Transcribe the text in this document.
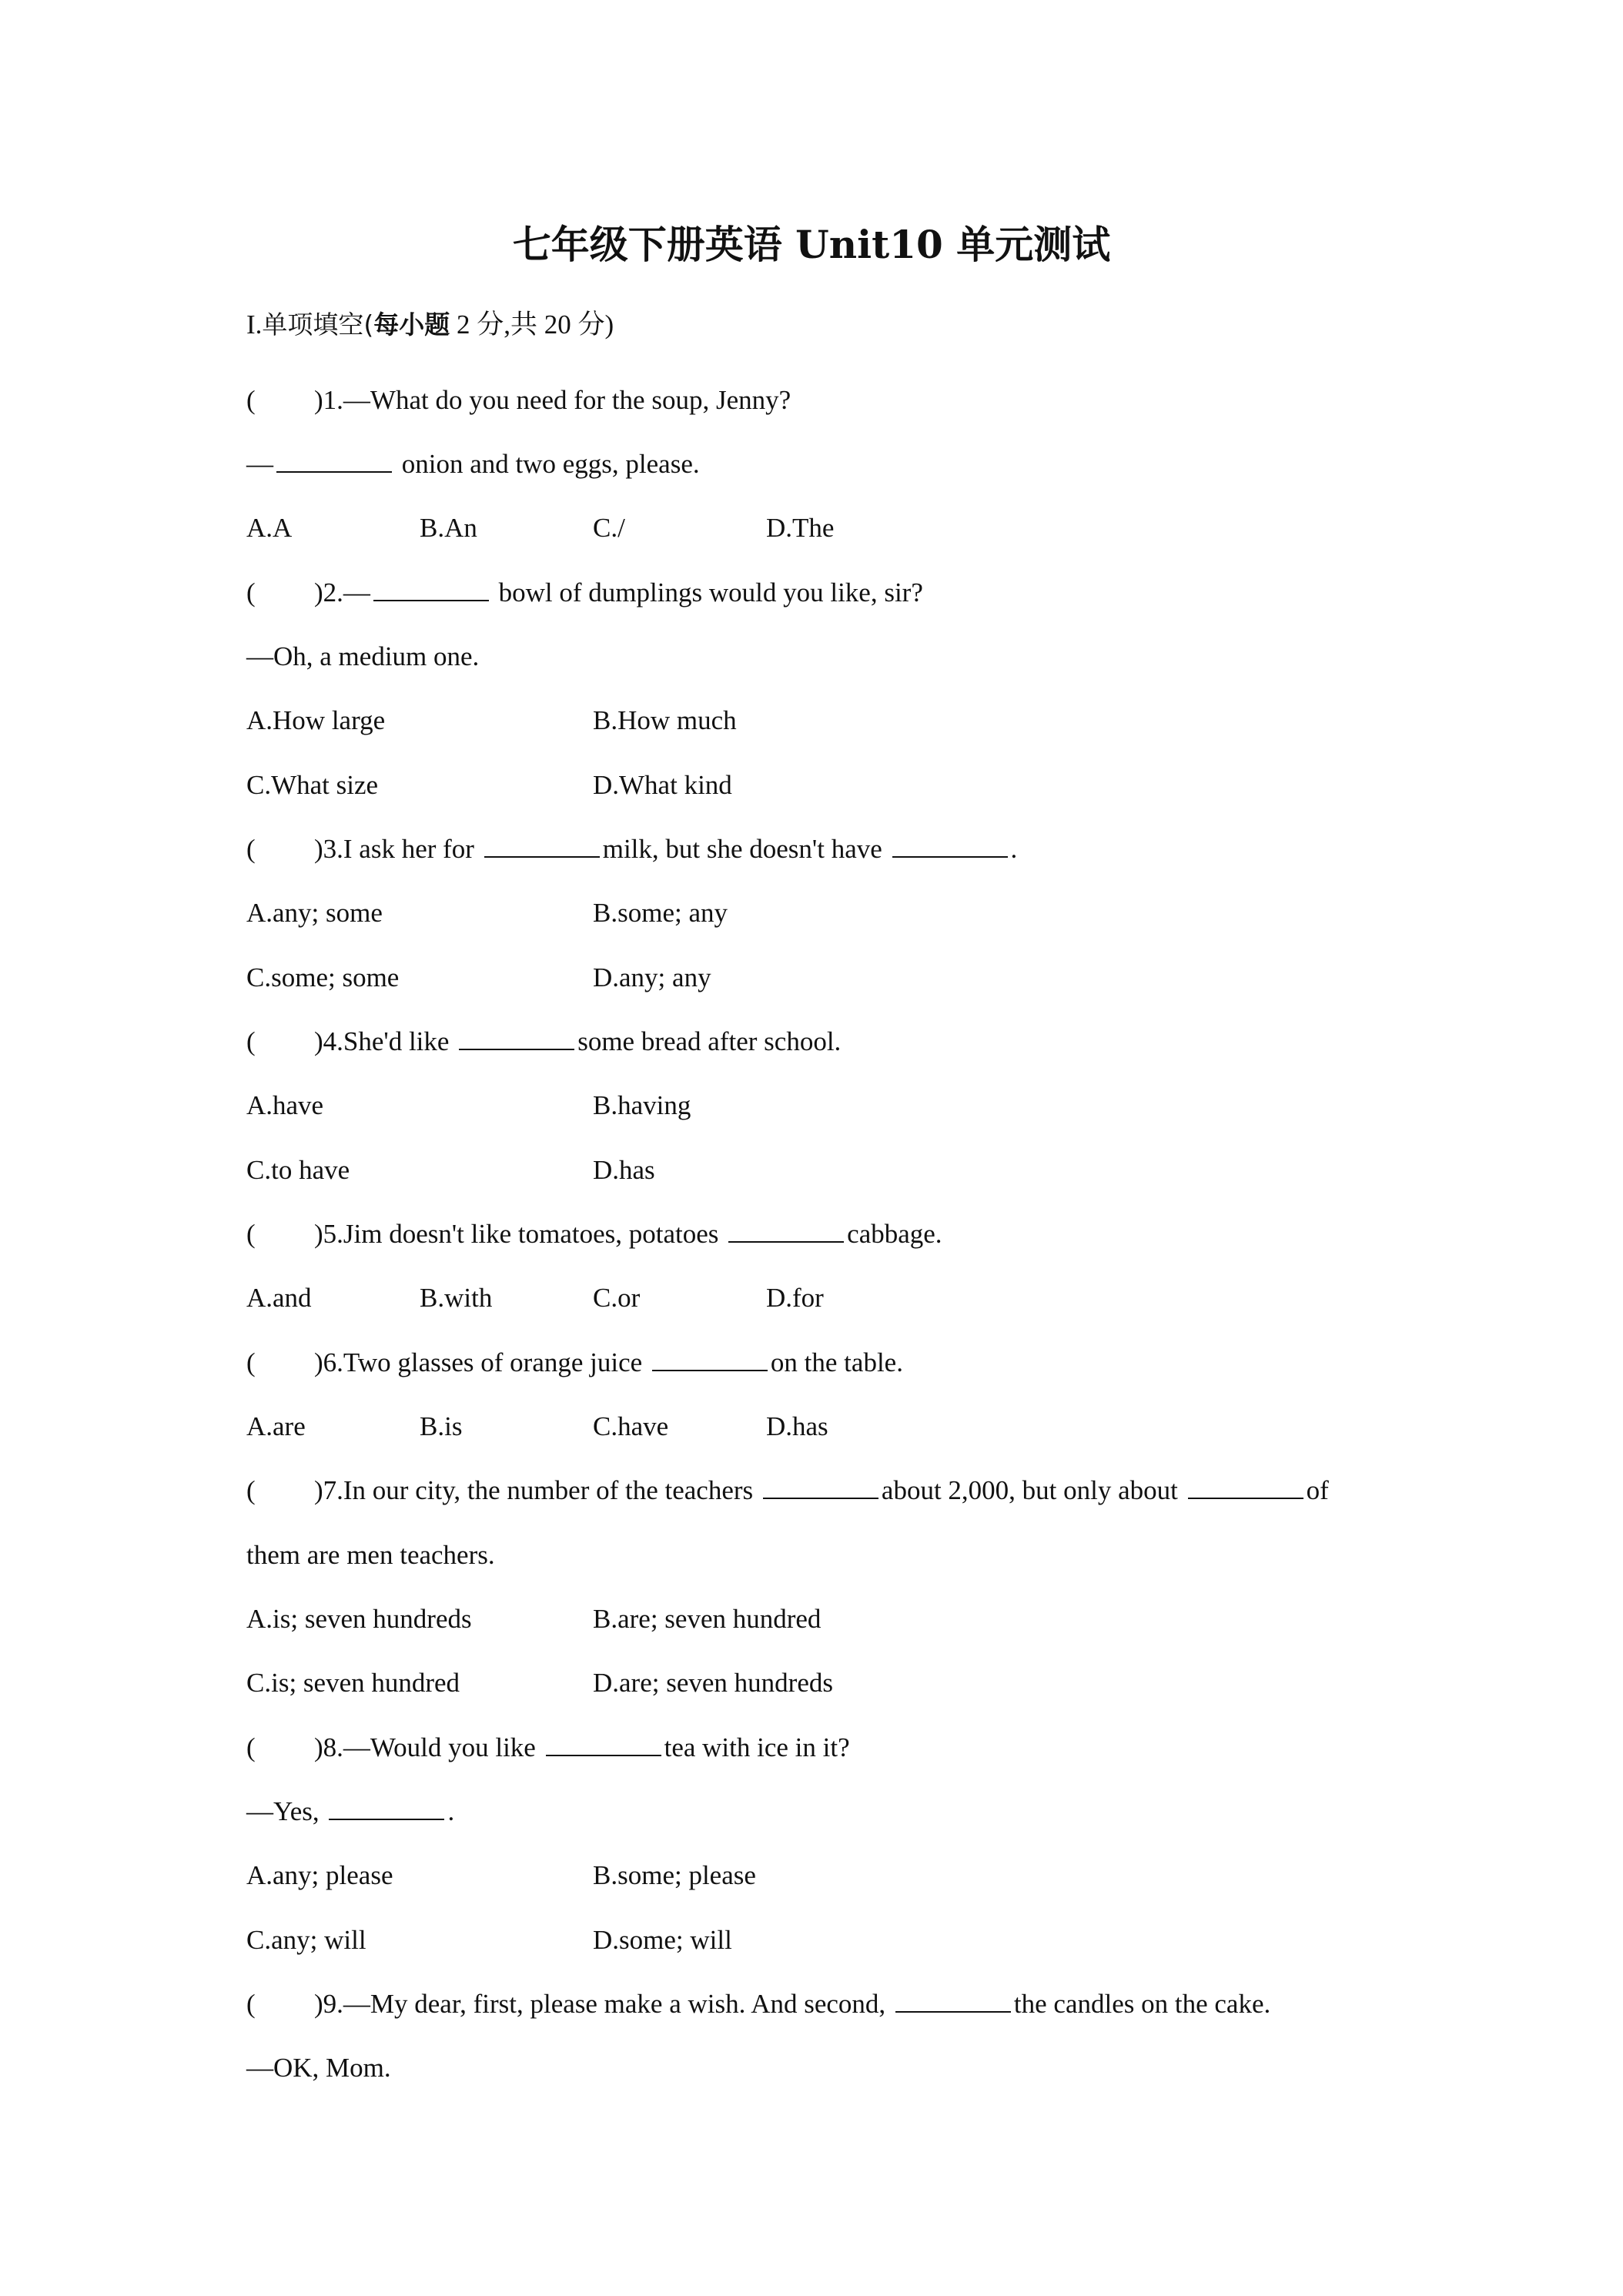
七年级下册英语 Unit10 单元测试
I.单项填空(每小题 2 分,共 20 分)
( )1.—What do you need for the soup, Jenny?
—	onion and two eggs, please.
A.A	B.An	C./	D.The
( )2.—	bowl of dumplings would you like, sir?
—Oh, a medium one.
A.How large	B.How much
C.What size	D.What kind
( )3.I ask her for	milk, but she doesn't have	.
A.any; some	B.some; any
C.some; some	D.any; any
( )4.She'd like	some bread after school.
A.have	B.having
C.to have	D.has
( )5.Jim doesn't like tomatoes, potatoes	cabbage.
A.and	B.with	C.or	D.for
( )6.Two glasses of orange juice	on the table.
A.are	B.is	C.have	D.has
( )7.In our city, the number of the teachers	about 2,000, but only about	of
them are men teachers.
A.is; seven hundreds	B.are; seven hundred
C.is; seven hundred	D.are; seven hundreds
( )8.—Would you like	tea with ice in it?
—Yes,	.
A.any; please	B.some; please
C.any; will	D.some; will
( )9.—My dear, first, please make a wish. And second,	the candles on the cake.
—OK, Mom.
